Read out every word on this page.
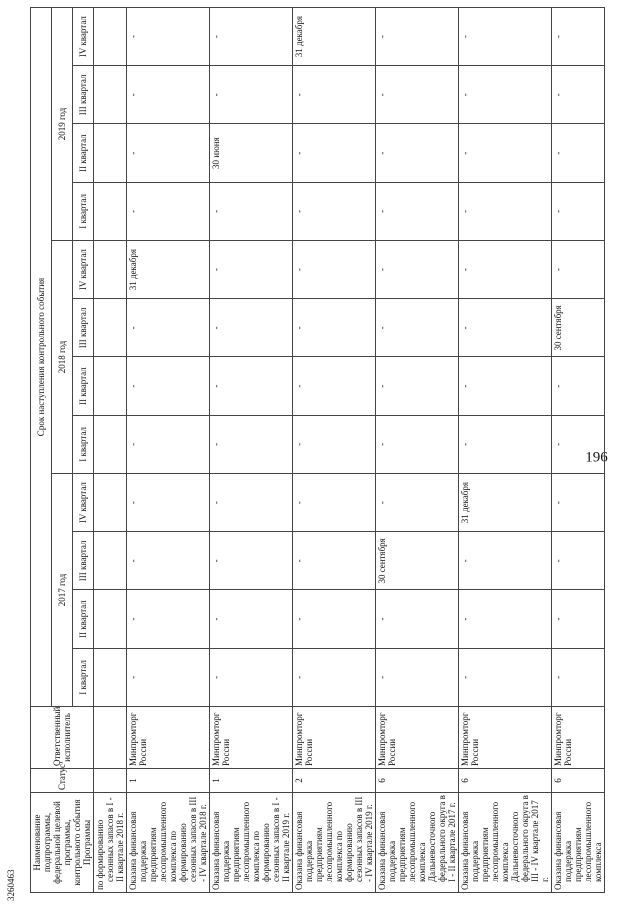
3260463
196
Наименование подпрограммы, федеральной целевой программы, контрольного события Программы	Статус¹	Ответственный исполнитель	Срок наступления контрольного события											
			2017 год				2018 год				2019 год			
			I квартал	II квартал	III квартал	IV квартал	I квартал	II квартал	III квартал	IV квартал	I квартал	II квартал	III квартал	IV квартал
по формированию сезонных запасов в I - II квартале 2018 г.														
Оказана финансовая поддержка предприятиям лесопромышленного комплекса по формированию сезонных запасов в III - IV квартале 2018 г.	1	Минпромторг России	-	-	-	-	-	-	-	31 декабря	-	-	-	-
Оказана финансовая поддержка предприятиям лесопромышленного комплекса по формированию сезонных запасов в I - II квартале 2019 г.	1	Минпромторг России	-	-	-	-	-	-	-	-	-	30 июня	-	-
Оказана финансовая поддержка предприятиям лесопромышленного комплекса по формированию сезонных запасов в III - IV квартале 2019 г.	2	Минпромторг России	-	-	-	-	-	-	-	-	-	-	-	31 декабря
Оказана финансовая поддержка предприятиям лесопромышленного комплекса Дальневосточного федерального округа в I - II квартале 2017 г.	6	Минпромторг России	-	-	30 сентября	-	-	-	-	-	-	-	-	-
Оказана финансовая поддержка предприятиям лесопромышленного комплекса Дальневосточного федерального округа в III - IV квартале 2017 г.	6	Минпромторг России	-	-	-	31 декабря	-	-	-	-	-	-	-	-
Оказана финансовая поддержка предприятиям лесопромышленного комплекса	6	Минпромторг России	-	-	-	-	-	-	30 сентября	-	-	-	-	-
